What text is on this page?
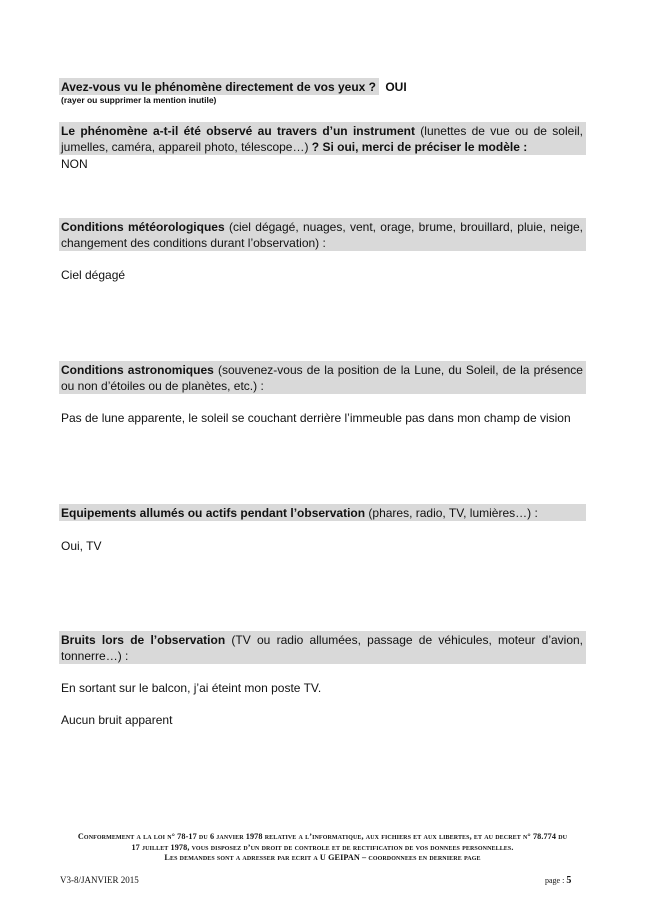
Avez-vous vu le phénomène directement de vos yeux ? OUI
(rayer ou supprimer la mention inutile)
Le phénomène a-t-il été observé au travers d’un instrument (lunettes de vue ou de soleil, jumelles, caméra, appareil photo, télescope…) ? Si oui, merci de préciser le modèle :
NON
Conditions météorologiques (ciel dégagé, nuages, vent, orage, brume, brouillard, pluie, neige, changement des conditions durant l’observation) :
Ciel dégagé
Conditions astronomiques (souvenez-vous de la position de la Lune, du Soleil, de la présence ou non d’étoiles ou de planètes, etc.) :
Pas de lune apparente, le soleil se couchant derrière l’immeuble pas dans mon champ de vision
Equipements allumés ou actifs pendant l’observation (phares, radio, TV, lumières…) :
Oui, TV
Bruits lors de l’observation (TV ou radio allumées, passage de véhicules, moteur d’avion, tonnerre…) :
En sortant sur le balcon, j’ai éteint mon poste TV.
Aucun bruit apparent
Conformement a la loi n° 78-17 du 6 janvier 1978 relative a l’informatique, aux fichiers et aux libertes, et au decret n° 78.774 du
17 juillet 1978, vous disposez d’un droit de controle et de rectification de vos donnees personnelles.
Les demandes sont a adresser par ecrit a U GEIPAN – coordonnees en derniere page
V3-8/JANVIER 2015	page : 5
